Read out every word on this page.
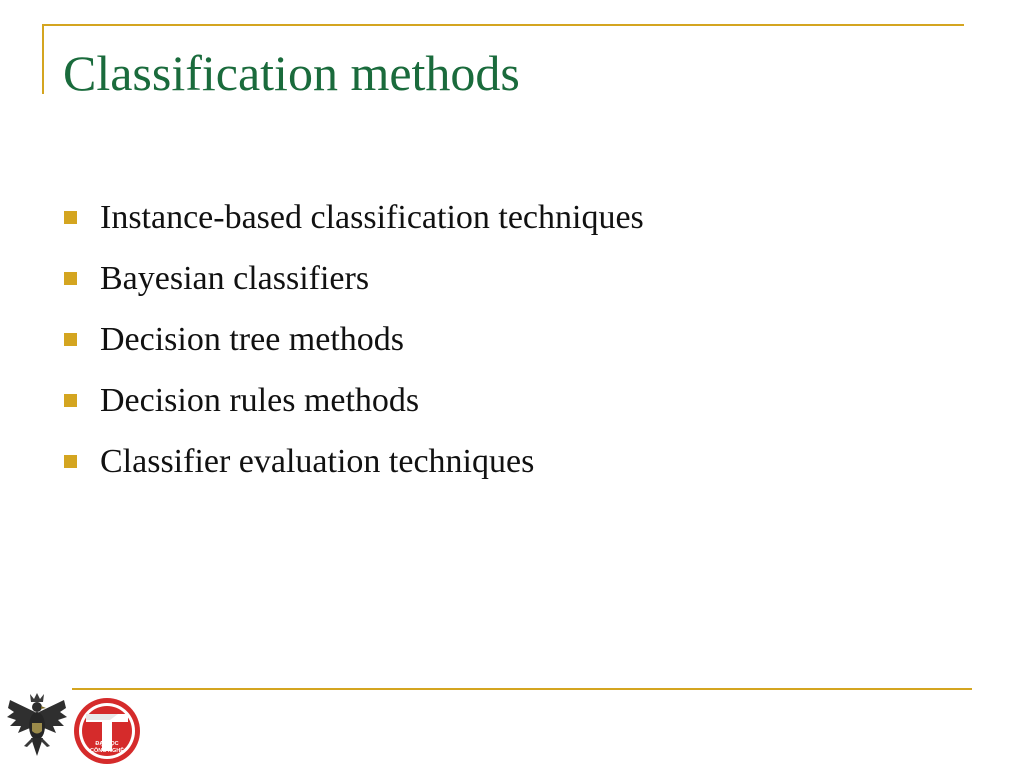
Classification methods
Instance-based classification techniques
Bayesian classifiers
Decision tree methods
Decision rules methods
Classifier evaluation techniques
ĐẠI HỌC
CÔNG NGHỆ
